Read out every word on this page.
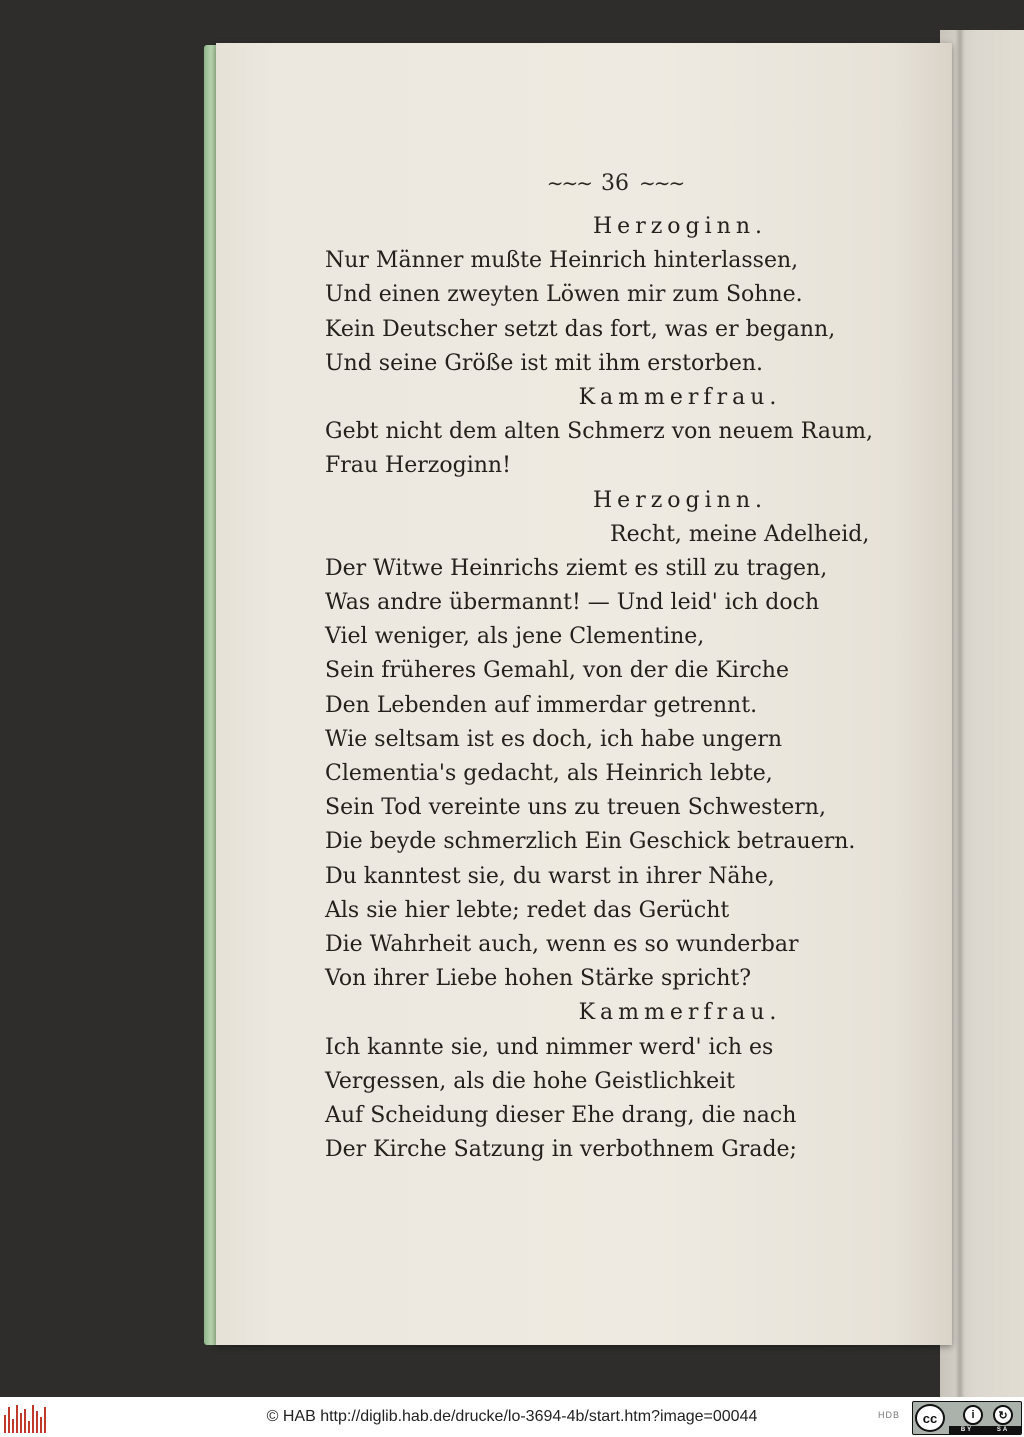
∼∼∼ 36 ∼∼∼
Herzoginn.
Nur Männer mußte Heinrich hinterlassen,
Und einen zweyten Löwen mir zum Sohne.
Kein Deutscher setzt das fort, was er begann,
Und seine Größe ist mit ihm erstorben.
Kammerfrau.
Gebt nicht dem alten Schmerz von neuem Raum,
Frau Herzoginn!
Herzoginn.
Recht, meine Adelheid,
Der Witwe Heinrichs ziemt es still zu tragen,
Was andre übermannt! — Und leid' ich doch
Viel weniger, als jene Clementine,
Sein früheres Gemahl, von der die Kirche
Den Lebenden auf immerdar getrennt.
Wie seltsam ist es doch, ich habe ungern
Clementia's gedacht, als Heinrich lebte,
Sein Tod vereinte uns zu treuen Schwestern,
Die beyde schmerzlich Ein Geschick betrauern.
Du kanntest sie, du warst in ihrer Nähe,
Als sie hier lebte; redet das Gerücht
Die Wahrheit auch, wenn es so wunderbar
Von ihrer Liebe hohen Stärke spricht?
Kammerfrau.
Ich kannte sie, und nimmer werd' ich es
Vergessen, als die hohe Geistlichkeit
Auf Scheidung dieser Ehe drang, die nach
Der Kirche Satzung in verbothnem Grade;
© HAB http://diglib.hab.de/drucke/lo-3694-4b/start.htm?image=00044	HDB	cc	i	↻
BY	SA
